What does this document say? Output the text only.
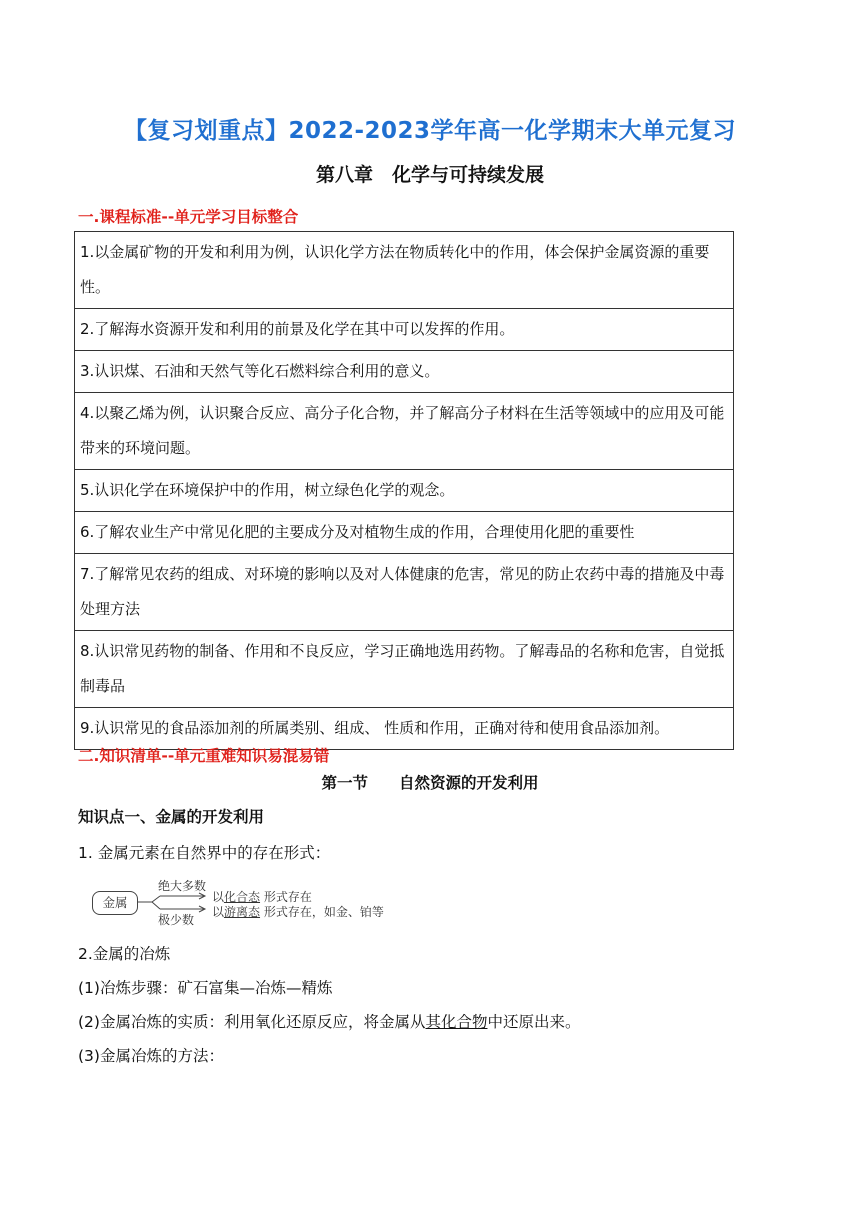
【复习划重点】2022-2023学年高一化学期末大单元复习
第八章　化学与可持续发展
一.课程标准--单元学习目标整合
1.以金属矿物的开发和利用为例，认识化学方法在物质转化中的作用，体会保护金属资源的重要性。
2.了解海水资源开发和利用的前景及化学在其中可以发挥的作用。
3.认识煤、石油和天然气等化石燃料综合利用的意义。
4.以聚乙烯为例，认识聚合反应、高分子化合物，并了解高分子材料在生活等领域中的应用及可能带来的环境问题。
5.认识化学在环境保护中的作用，树立绿色化学的观念。
6.了解农业生产中常见化肥的主要成分及对植物生成的作用，合理使用化肥的重要性
7.了解常见农药的组成、对环境的影响以及对人体健康的危害，常见的防止农药中毒的措施及中毒处理方法
8.认识常见药物的制备、作用和不良反应，学习正确地选用药物。了解毒品的名称和危害，自觉抵制毒品
9.认识常见的食品添加剂的所属类别、组成、 性质和作用，正确对待和使用食品添加剂。
二.知识清单--单元重难知识易混易错
第一节　　自然资源的开发利用
知识点一、金属的开发利用
1. 金属元素在自然界中的存在形式：
金属
绝大多数
极少数
以化合态 形式存在
以游离态 形式存在，如金、铂等
2.金属的冶炼
(1)冶炼步骤：矿石富集—冶炼—精炼
(2)金属冶炼的实质：利用氧化还原反应，将金属从其化合物中还原出来。
(3)金属冶炼的方法：
